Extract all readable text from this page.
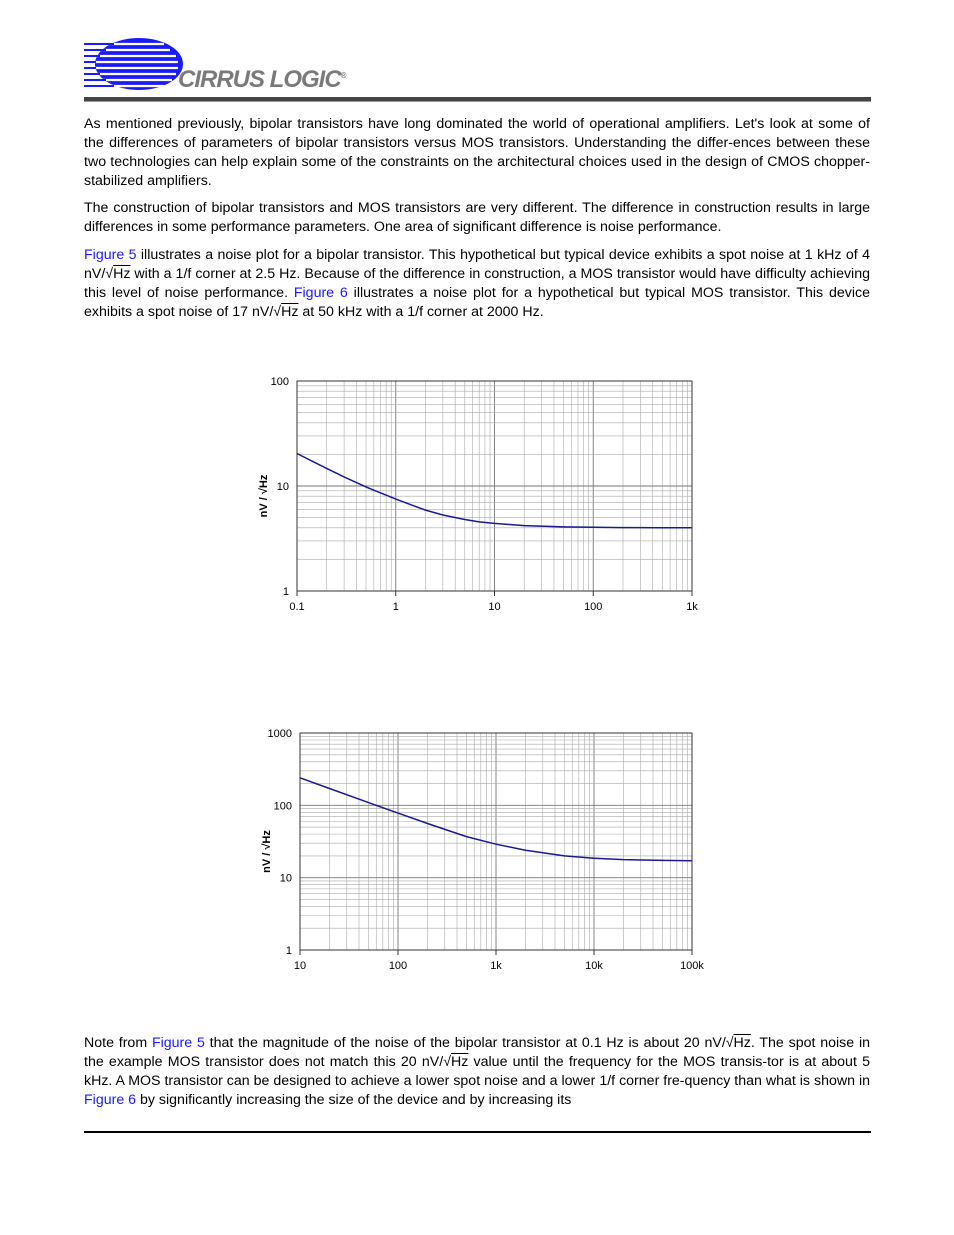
CIRRUS LOGIC®

As mentioned previously, bipolar transistors have long dominated the world of operational amplifiers. Let's look at some of the differences of parameters of bipolar transistors versus MOS transistors. Understanding the differ-ences between these two technologies can help explain some of the constraints on the architectural choices used in the design of CMOS chopper-stabilized amplifiers.

The construction of bipolar transistors and MOS transistors are very different. The difference in construction results in large differences in some performance parameters. One area of significant difference is noise performance.

Figure 5 illustrates a noise plot for a bipolar transistor. This hypothetical but typical device exhibits a spot noise at 1 kHz of 4 nV/√Hz with a 1/f corner at 2.5 Hz. Because of the difference in construction, a MOS transistor would have difficulty achieving this level of noise performance. Figure 6 illustrates a noise plot for a hypothetical but typical MOS transistor. This device exhibits a spot noise of 17 nV/√Hz at 50 kHz with a 1/f corner at 2000 Hz.

0.1	1	10	100	1k
1
10
100
nV / √Hz
10	100	1k	10k	100k
1
10
100
1000
nV / √Hz

Note from Figure 5 that the magnitude of the noise of the bipolar transistor at 0.1 Hz is about 20 nV/√Hz. The spot noise in the example MOS transistor does not match this 20 nV/√Hz value until the frequency for the MOS transis-tor is at about 5 kHz. A MOS transistor can be designed to achieve a lower spot noise and a lower 1/f corner fre-quency than what is shown in Figure 6 by significantly increasing the size of the device and by increasing its
